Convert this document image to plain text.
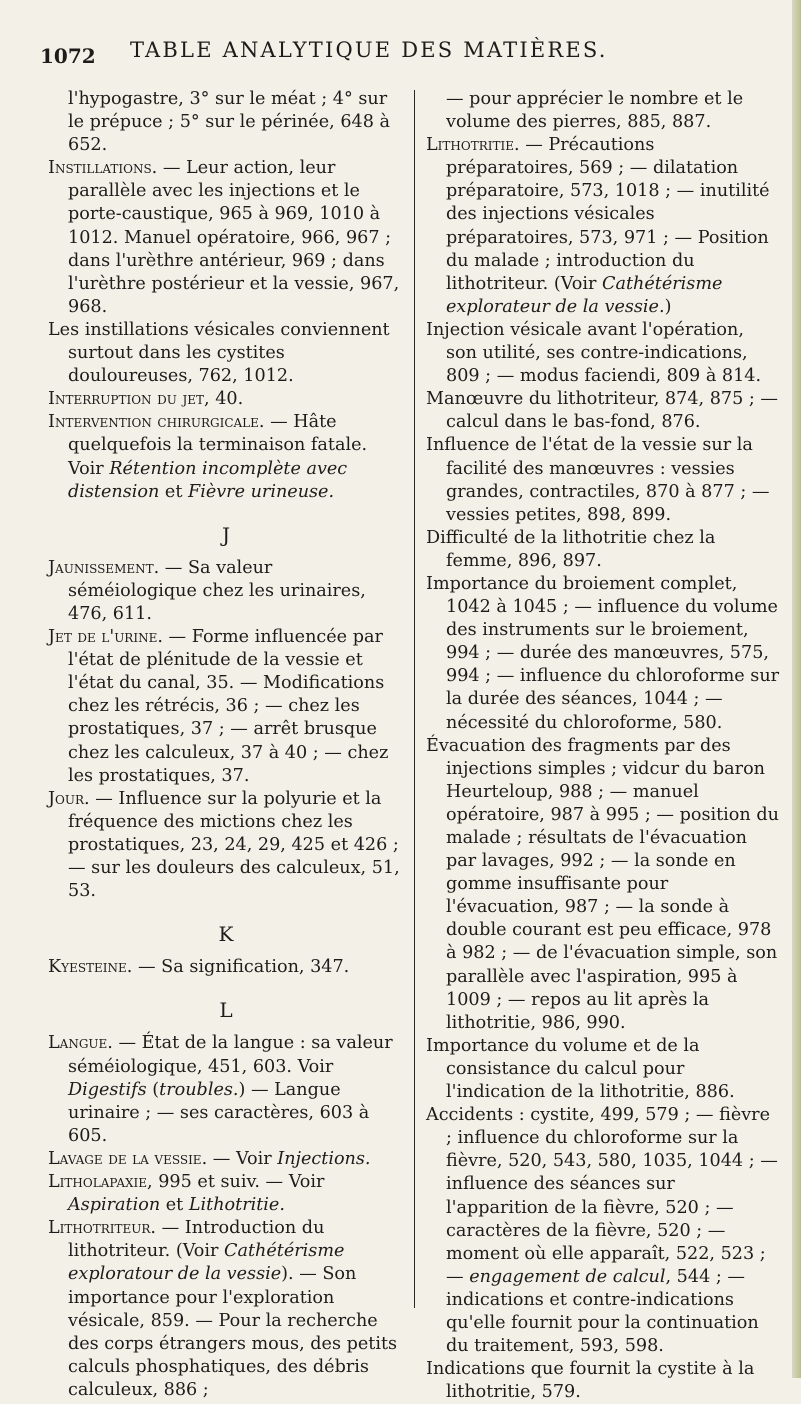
1072 TABLE ANALYTIQUE DES MATIÈRES.

l'hypogastre, 3° sur le méat ; 4° sur le prépuce ; 5° sur le périnée, 648 à 652.

Instillations. — Leur action, leur parallèle avec les injections et le porte-caustique, 965 à 969, 1010 à 1012. Manuel opératoire, 966, 967 ; dans l'urèthre antérieur, 969 ; dans l'urèthre postérieur et la vessie, 967, 968.

Les instillations vésicales conviennent surtout dans les cystites douloureuses, 762, 1012.

Interruption du jet, 40.

Intervention chirurgicale. — Hâte quelquefois la terminaison fatale. Voir Rétention incomplète avec distension et Fièvre urineuse.

J

Jaunissement. — Sa valeur séméiologique chez les urinaires, 476, 611.

Jet de l'urine. — Forme influencée par l'état de plénitude de la vessie et l'état du canal, 35. — Modifications chez les rétrécis, 36 ; — chez les prostatiques, 37 ; — arrêt brusque chez les calculeux, 37 à 40 ; — chez les prostatiques, 37.

Jour. — Influence sur la polyurie et la fréquence des mictions chez les prostatiques, 23, 24, 29, 425 et 426 ; — sur les douleurs des calculeux, 51, 53.

K

Kyesteine. — Sa signification, 347.

L

Langue. — État de la langue : sa valeur séméiologique, 451, 603. Voir Digestifs (troubles.) — Langue urinaire ; — ses caractères, 603 à 605.

Lavage de la vessie. — Voir Injections.

Litholapaxie, 995 et suiv. — Voir Aspiration et Lithotritie.

Lithotriteur. — Introduction du lithotriteur. (Voir Cathétérisme exploratour de la vessie). — Son importance pour l'exploration vésicale, 859. — Pour la recherche des corps étrangers mous, des petits calculs phosphatiques, des débris calculeux, 886 ;

— pour apprécier le nombre et le volume des pierres, 885, 887.

Lithotritie. — Précautions préparatoires, 569 ; — dilatation préparatoire, 573, 1018 ; — inutilité des injections vésicales préparatoires, 573, 971 ; — Position du malade ; introduction du lithotriteur. (Voir Cathétérisme explorateur de la vessie.)

Injection vésicale avant l'opération, son utilité, ses contre-indications, 809 ; — modus faciendi, 809 à 814.

Manœuvre du lithotriteur, 874, 875 ; — calcul dans le bas-fond, 876.

Influence de l'état de la vessie sur la facilité des manœuvres : vessies grandes, contractiles, 870 à 877 ; — vessies petites, 898, 899.

Difficulté de la lithotritie chez la femme, 896, 897.

Importance du broiement complet, 1042 à 1045 ; — influence du volume des instruments sur le broiement, 994 ; — durée des manœuvres, 575, 994 ; — influence du chloroforme sur la durée des séances, 1044 ; — nécessité du chloroforme, 580.

Évacuation des fragments par des injections simples ; vidcur du baron Heurteloup, 988 ; — manuel opératoire, 987 à 995 ; — position du malade ; résultats de l'évacuation par lavages, 992 ; — la sonde en gomme insuffisante pour l'évacuation, 987 ; — la sonde à double courant est peu efficace, 978 à 982 ; — de l'évacuation simple, son parallèle avec l'aspiration, 995 à 1009 ; — repos au lit après la lithotritie, 986, 990.

Importance du volume et de la consistance du calcul pour l'indication de la lithotritie, 886.

Accidents : cystite, 499, 579 ; — fièvre ; influence du chloroforme sur la fièvre, 520, 543, 580, 1035, 1044 ; — influence des séances sur l'apparition de la fièvre, 520 ; — caractères de la fièvre, 520 ; — moment où elle apparaît, 522, 523 ; — engagement de calcul, 544 ; — indications et contre-indications qu'elle fournit pour la continuation du traitement, 593, 598.

Indications que fournit la cystite à la lithotritie, 579.
